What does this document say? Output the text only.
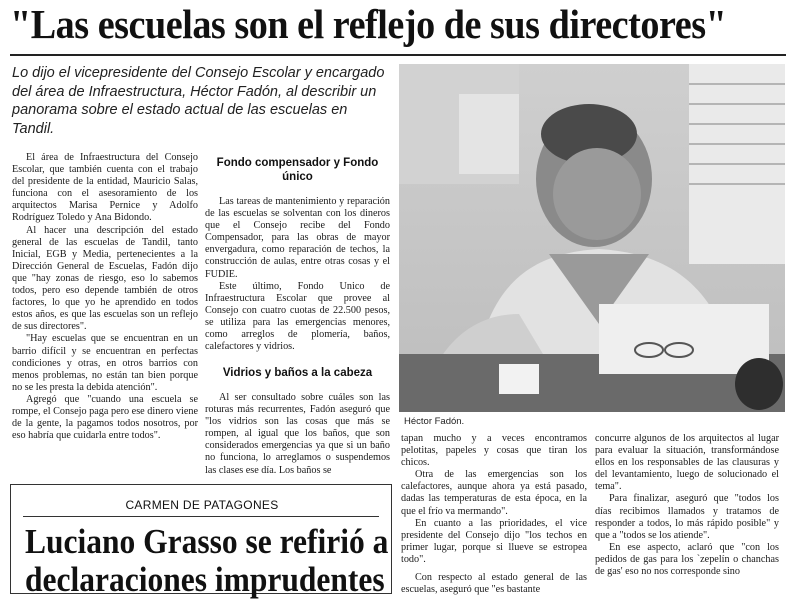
"Las escuelas son el reflejo de sus directores"
Lo dijo el vicepresidente del Consejo Escolar y encargado del área de Infraestructura, Héctor Fadón, al describir un panorama sobre el estado actual de las escuelas en Tandil.

El área de Infraestructura del Consejo Escolar, que también cuenta con el trabajo del presidente de la entidad, Mauricio Salas, funciona con el asesoramiento de los arquitectos Marisa Pernice y Adolfo Rodríguez Toledo y Ana Bidondo.

Al hacer una descripción del estado general de las escuelas de Tandil, tanto Inicial, EGB y Media, pertenecientes a la Dirección General de Escuelas, Fadón dijo que "hay zonas de riesgo, eso lo sabemos todos, pero eso depende también de otros factores, lo que yo he aprendido en todos estos años, es que las escuelas son un reflejo de sus directores".

"Hay escuelas que se encuentran en un barrio difícil y se encuentran en perfectas condiciones y otras, en otros barrios con menos problemas, no están tan bien porque no se les presta la debida atención".

Agregó que "cuando una escuela se rompe, el Consejo paga pero ese dinero viene de la gente, la pagamos todos nosotros, por eso habría que cuidarla entre todos".

Fondo compensador y Fondo único

Las tareas de mantenimiento y reparación de las escuelas se solventan con los dineros que el Consejo recibe del Fondo Compensador, para las obras de mayor envergadura, como reparación de techos, la construcción de aulas, entre otras cosas y el FUDIE.

Este último, Fondo Unico de Infraestructura Escolar que provee al Consejo con cuatro cuotas de 22.500 pesos, se utiliza para las emergencias menores, como arreglos de plomería, baños, calefactores y vidrios.

Vidrios y baños a la cabeza

Al ser consultado sobre cuáles son las roturas más recurrentes, Fadón aseguró que "los vidrios son las cosas que más se rompen, al igual que los baños, que son considerados emergencias ya que si un baño no funciona, lo arreglamos o suspendemos las clases ese día. Los baños se

Héctor Fadón.

tapan mucho y a veces encontramos pelotitas, papeles y cosas que tiran los chicos.

Otra de las emergencias son los calefactores, aunque ahora ya está pasado, dadas las temperaturas de esta época, en la que el frío va mermando".

En cuanto a las prioridades, el vice presidente del Consejo dijo "los techos en primer lugar, porque si llueve se estropea todo".

Con respecto al estado general de las escuelas, aseguró que "es bastante

concurre algunos de los arquitectos al lugar para evaluar la situación, transformándose ellos en los responsables de las clausuras y del levantamiento, luego de solucionado el tema".

Para finalizar, aseguró que "todos los días recibimos llamados y tratamos de responder a todos, lo más rápido posible" y que a "todos se los atiende".

En ese aspecto, aclaró que "con los pedidos de gas para los `zepelín o chanchas de gas' eso no nos corresponde sino

CARMEN DE PATAGONES
Luciano Grasso se refirió a
declaraciones imprudentes
